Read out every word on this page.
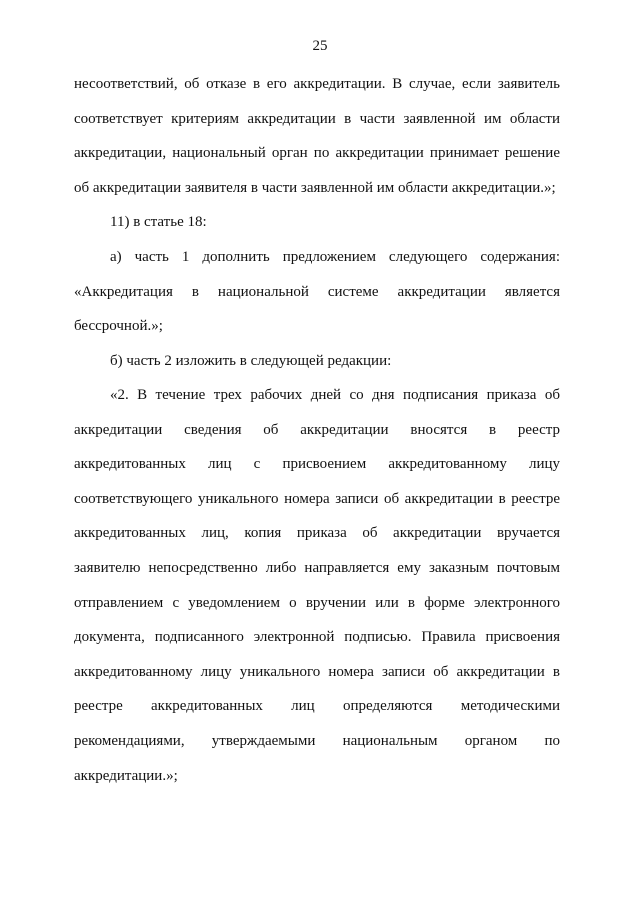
25

несоответствий, об отказе в его аккредитации. В случае, если заявитель

соответствует критериям аккредитации в части заявленной им области

аккредитации, национальный орган по аккредитации принимает решение

об аккредитации заявителя в части заявленной им области аккредитации.»;

11) в статье 18:

а) часть 1 дополнить предложением следующего содержания:

«Аккредитация в национальной системе аккредитации является

бессрочной.»;

б) часть 2 изложить в следующей редакции:

«2. В течение трех рабочих дней со дня подписания приказа об

аккредитации сведения об аккредитации вносятся в реестр

аккредитованных лиц с присвоением аккредитованному лицу

соответствующего уникального номера записи об аккредитации в реестре

аккредитованных лиц, копия приказа об аккредитации вручается

заявителю непосредственно либо направляется ему заказным почтовым

отправлением с уведомлением о вручении или в форме электронного

документа, подписанного электронной подписью. Правила присвоения

аккредитованному лицу уникального номера записи об аккредитации в

реестре аккредитованных лиц определяются методическими

рекомендациями, утверждаемыми национальным органом по

аккредитации.»;
